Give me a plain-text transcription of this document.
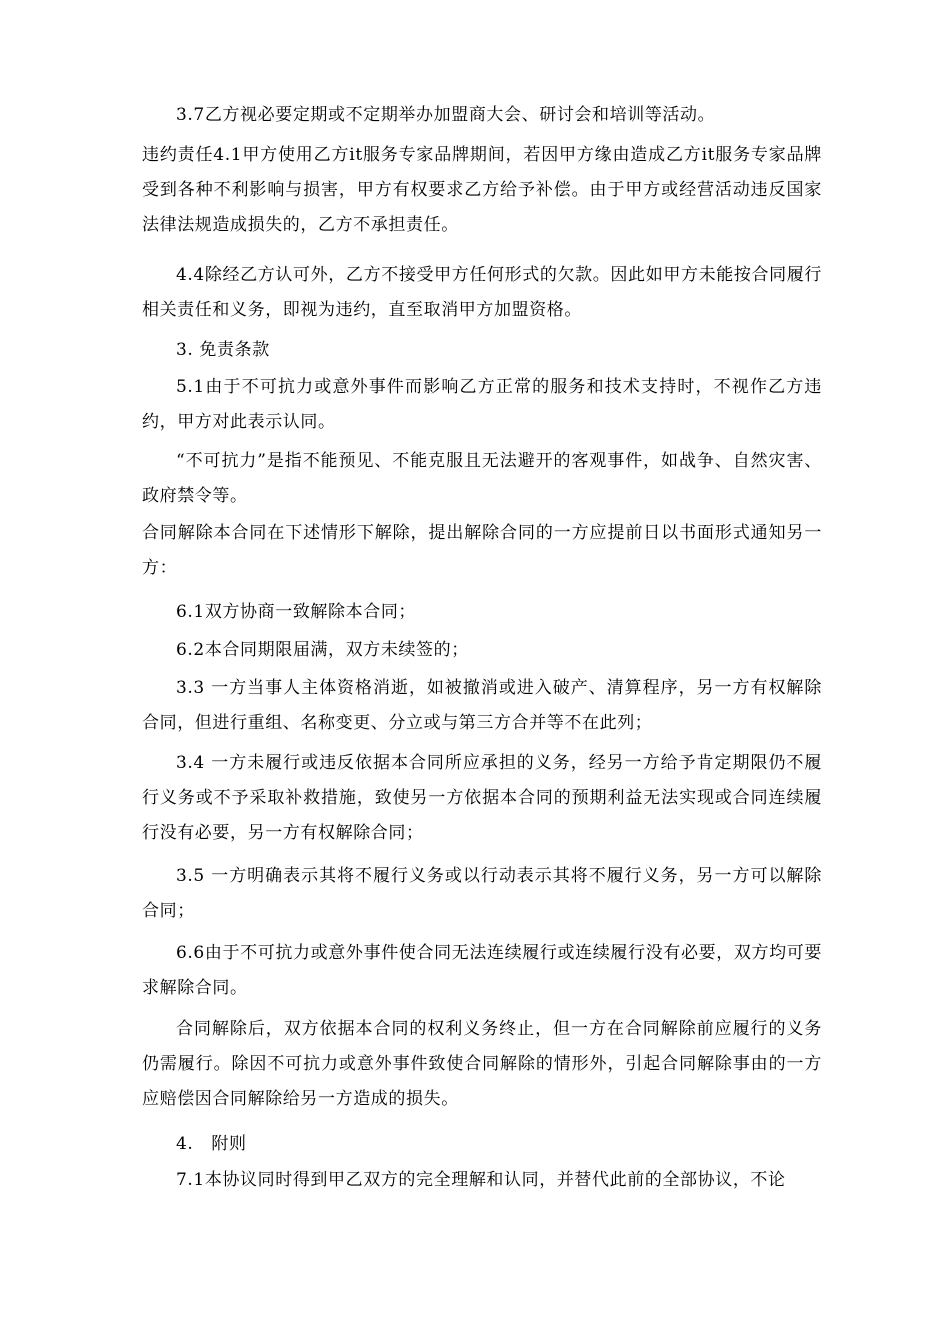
3.7乙方视必要定期或不定期举办加盟商大会、研讨会和培训等活动。

违约责任4.1甲方使用乙方it服务专家品牌期间，若因甲方缘由造成乙方it服务专家品牌受到各种不利影响与损害，甲方有权要求乙方给予补偿。由于甲方或经营活动违反国家法律法规造成损失的，乙方不承担责任。

4.4除经乙方认可外，乙方不接受甲方任何形式的欠款。因此如甲方未能按合同履行相关责任和义务，即视为违约，直至取消甲方加盟资格。

3. 免责条款

5.1由于不可抗力或意外事件而影响乙方正常的服务和技术支持时，不视作乙方违约，甲方对此表示认同。

“不可抗力”是指不能预见、不能克服且无法避开的客观事件，如战争、自然灾害、政府禁令等。

合同解除本合同在下述情形下解除，提出解除合同的一方应提前日以书面形式通知另一方：

6.1双方协商一致解除本合同；

6.2本合同期限届满，双方未续签的；

3.3 一方当事人主体资格消逝，如被撤消或进入破产、清算程序，另一方有权解除合同，但进行重组、名称变更、分立或与第三方合并等不在此列；

3.4 一方未履行或违反依据本合同所应承担的义务，经另一方给予肯定期限仍不履行义务或不予采取补救措施，致使另一方依据本合同的预期利益无法实现或合同连续履行没有必要，另一方有权解除合同；

3.5 一方明确表示其将不履行义务或以行动表示其将不履行义务，另一方可以解除合同；

6.6由于不可抗力或意外事件使合同无法连续履行或连续履行没有必要，双方均可要求解除合同。

合同解除后，双方依据本合同的权利义务终止，但一方在合同解除前应履行的义务仍需履行。除因不可抗力或意外事件致使合同解除的情形外，引起合同解除事由的一方应赔偿因合同解除给另一方造成的损失。

4.   附则

7.1本协议同时得到甲乙双方的完全理解和认同，并替代此前的全部协议，不论
